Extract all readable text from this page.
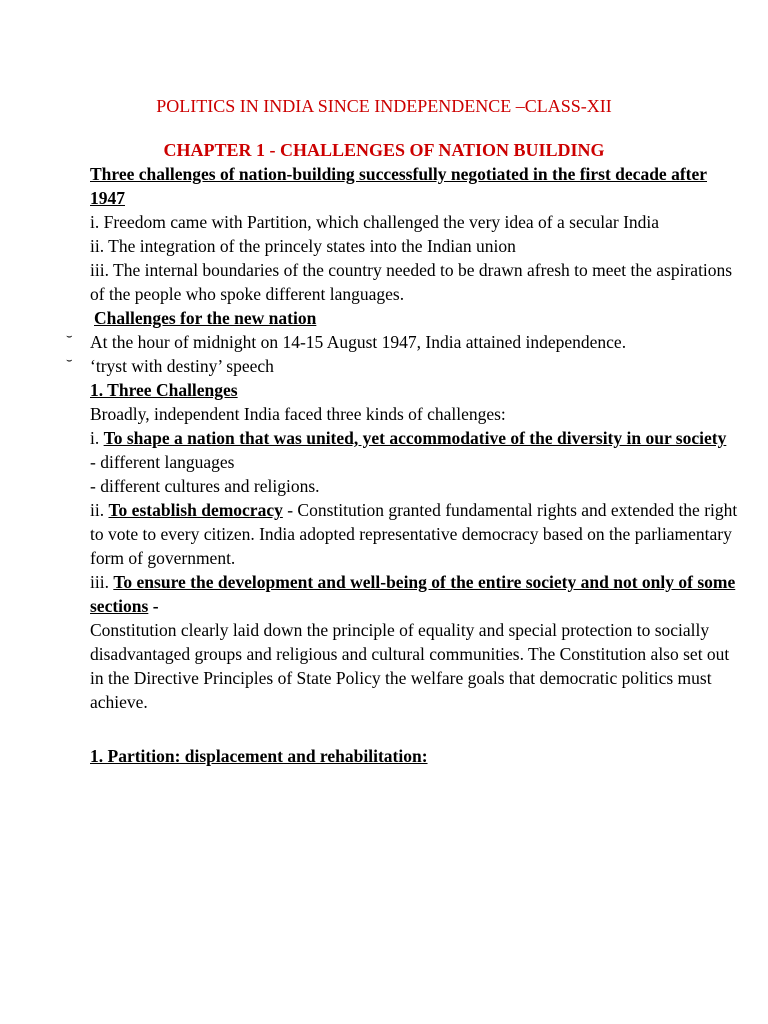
POLITICS IN INDIA SINCE INDEPENDENCE –CLASS-XII
CHAPTER 1 - CHALLENGES OF NATION BUILDING

Three challenges of nation-building successfully negotiated in the first decade after 1947

i. Freedom came with Partition, which challenged the very idea of a secular India

ii. The integration of the princely states into the Indian union

iii. The internal boundaries of the country needed to be drawn afresh to meet the aspirations of the people who spoke different languages.

Challenges for the new nation

⌣ At the hour of midnight on 14-15 August 1947, India attained independence.

⌣ ‘tryst with destiny’ speech

1. Three Challenges

Broadly, independent India faced three kinds of challenges:

i. To shape a nation that was united, yet accommodative of the diversity in our society

- different languages

- different cultures and religions.

ii. To establish democracy - Constitution granted fundamental rights and extended the right to vote to every citizen. India adopted representative democracy based on the parliamentary form of government.

iii. To ensure the development and well-being of the entire society and not only of some sections -

Constitution clearly laid down the principle of equality and special protection to socially disadvantaged groups and religious and cultural communities. The Constitution also set out in the Directive Principles of State Policy the welfare goals that democratic politics must achieve.

1. Partition: displacement and rehabilitation:
